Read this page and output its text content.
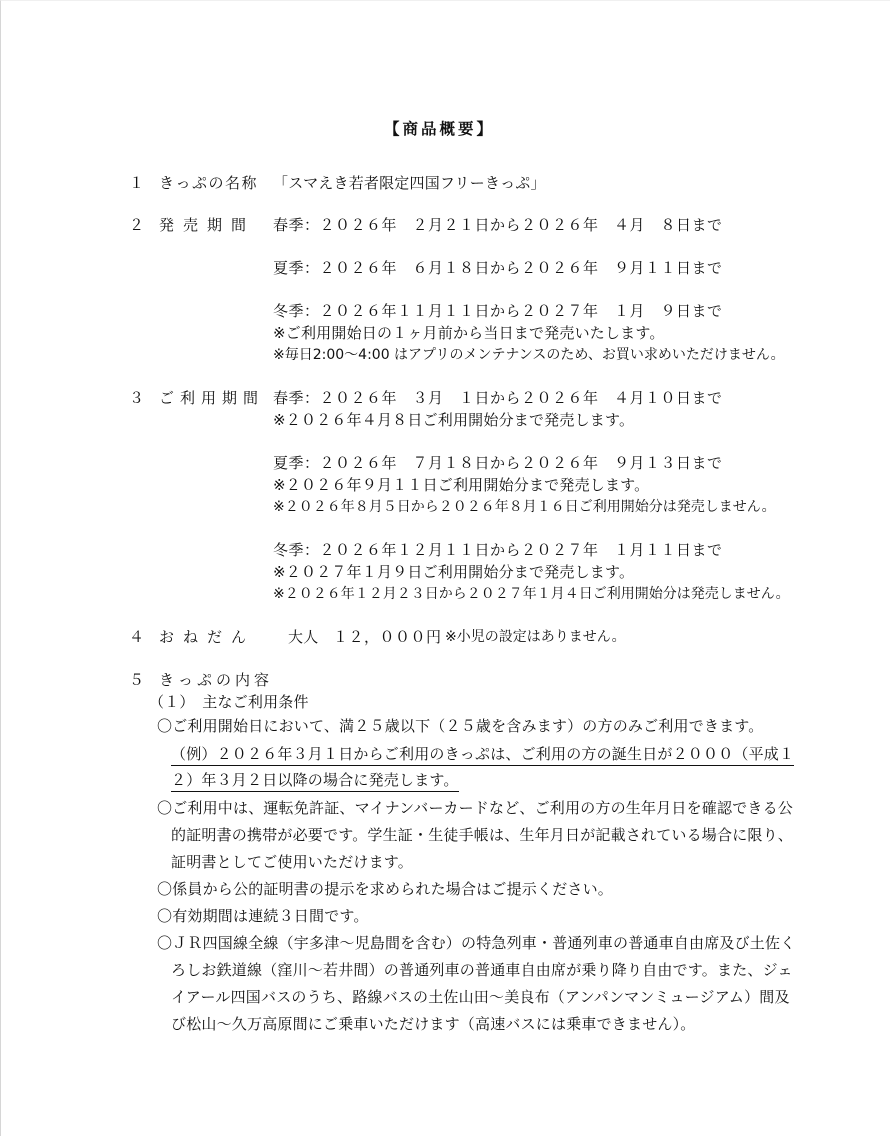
【商品概要】
１ きっぷの名称 「スマえき若者限定四国フリーきっぷ」
２ 発売期間 春季：２０２６年　２月２１日から２０２６年　４月　８日まで
夏季：２０２６年　６月１８日から２０２６年　９月１１日まで
冬季：２０２６年１１月１１日から２０２７年　１月　９日まで
※ご利用開始日の１ヶ月前から当日まで発売いたします。
※毎日2:00～4:00 はアプリのメンテナンスのため、お買い求めいただけません。
３ ご利用期間 春季：２０２６年　３月　１日から２０２６年　４月１０日まで
※２０２６年４月８日ご利用開始分まで発売します。
夏季：２０２６年　７月１８日から２０２６年　９月１３日まで
※２０２６年９月１１日ご利用開始分まで発売します。
※２０２６年８月５日から２０２６年８月１６日ご利用開始分は発売しません。
冬季：２０２６年１２月１１日から２０２７年　１月１１日まで
※２０２７年１月９日ご利用開始分まで発売します。
※２０２６年１２月２３日から２０２７年１月４日ご利用開始分は発売しません。
４ おねだん 大人 １２，０００円 ※小児の設定はありません。
５ きっぷの内容
（１）　主なご利用条件
〇ご利用開始日において、満２５歳以下（２５歳を含みます）の方のみご利用できます。
（例）２０２６年３月１日からご利用のきっぷは、ご利用の方の誕生日が２０００（平成１
２）年３月２日以降の場合に発売します。
〇ご利用中は、運転免許証、マイナンバーカードなど、ご利用の方の生年月日を確認できる公
的証明書の携帯が必要です。学生証・生徒手帳は、生年月日が記載されている場合に限り、
証明書としてご使用いただけます。
〇係員から公的証明書の提示を求められた場合はご提示ください。
〇有効期間は連続３日間です。
〇ＪＲ四国線全線（宇多津～児島間を含む）の特急列車・普通列車の普通車自由席及び土佐く
ろしお鉄道線（窪川～若井間）の普通列車の普通車自由席が乗り降り自由です。また、ジェ
イアール四国バスのうち、路線バスの土佐山田～美良布（アンパンマンミュージアム）間及
び松山～久万高原間にご乗車いただけます（高速バスには乗車できません）。
